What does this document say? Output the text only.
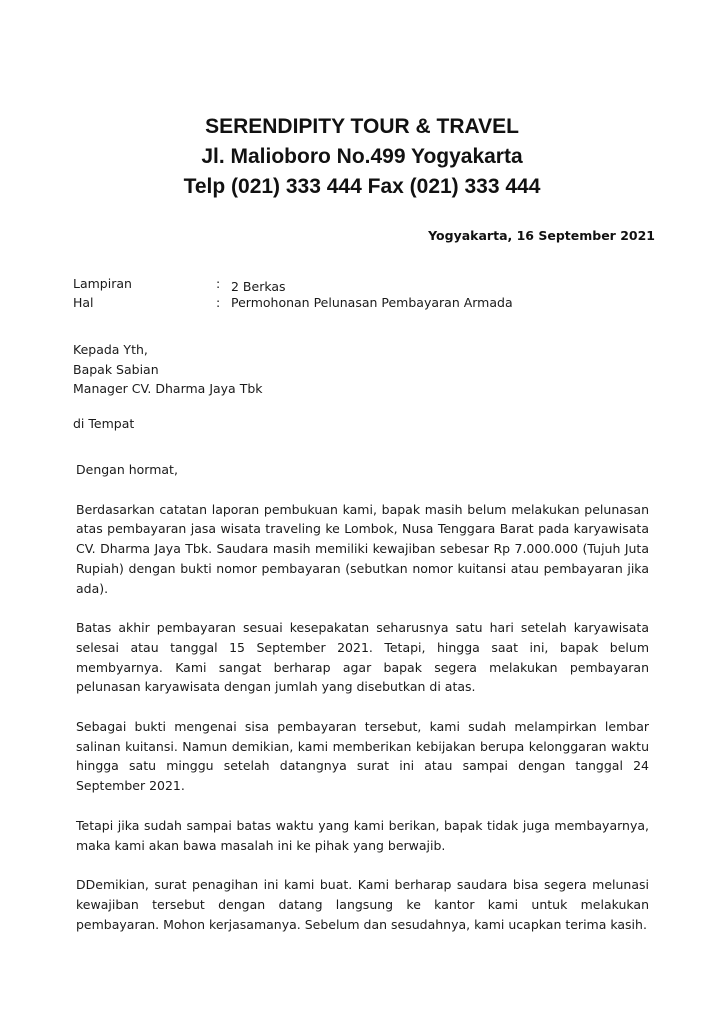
SERENDIPITY TOUR & TRAVEL
Jl. Malioboro No.499 Yogyakarta
Telp (021) 333 444 Fax (021) 333 444
Yogyakarta, 16 September 2021
Lampiran	: 2 Berkas
Hal	: Permohonan Pelunasan Pembayaran Armada
Kepada Yth,
Bapak Sabian
Manager CV. Dharma Jaya Tbk
di Tempat

Dengan hormat,

Berdasarkan catatan laporan pembukuan kami, bapak masih belum melakukan pelunasan atas pembayaran jasa wisata traveling ke Lombok, Nusa Tenggara Barat pada karyawisata CV. Dharma Jaya Tbk. Saudara masih memiliki kewajiban sebesar Rp 7.000.000 (Tujuh Juta Rupiah) dengan bukti nomor pembayaran (sebutkan nomor kuitansi atau pembayaran jika ada).

Batas akhir pembayaran sesuai kesepakatan seharusnya satu hari setelah karyawisata selesai atau tanggal 15 September 2021. Tetapi, hingga saat ini, bapak belum membyarnya. Kami sangat berharap agar bapak segera melakukan pembayaran pelunasan karyawisata dengan jumlah yang disebutkan di atas.

Sebagai bukti mengenai sisa pembayaran tersebut, kami sudah melampirkan lembar salinan kuitansi. Namun demikian, kami memberikan kebijakan berupa kelonggaran waktu hingga satu minggu setelah datangnya surat ini atau sampai dengan tanggal 24 September 2021.

Tetapi jika sudah sampai batas waktu yang kami berikan, bapak tidak juga membayarnya, maka kami akan bawa masalah ini ke pihak yang berwajib.

DDemikian, surat penagihan ini kami buat. Kami berharap saudara bisa segera melunasi kewajiban tersebut dengan datang langsung ke kantor kami untuk melakukan pembayaran. Mohon kerjasamanya. Sebelum dan sesudahnya, kami ucapkan terima kasih.
